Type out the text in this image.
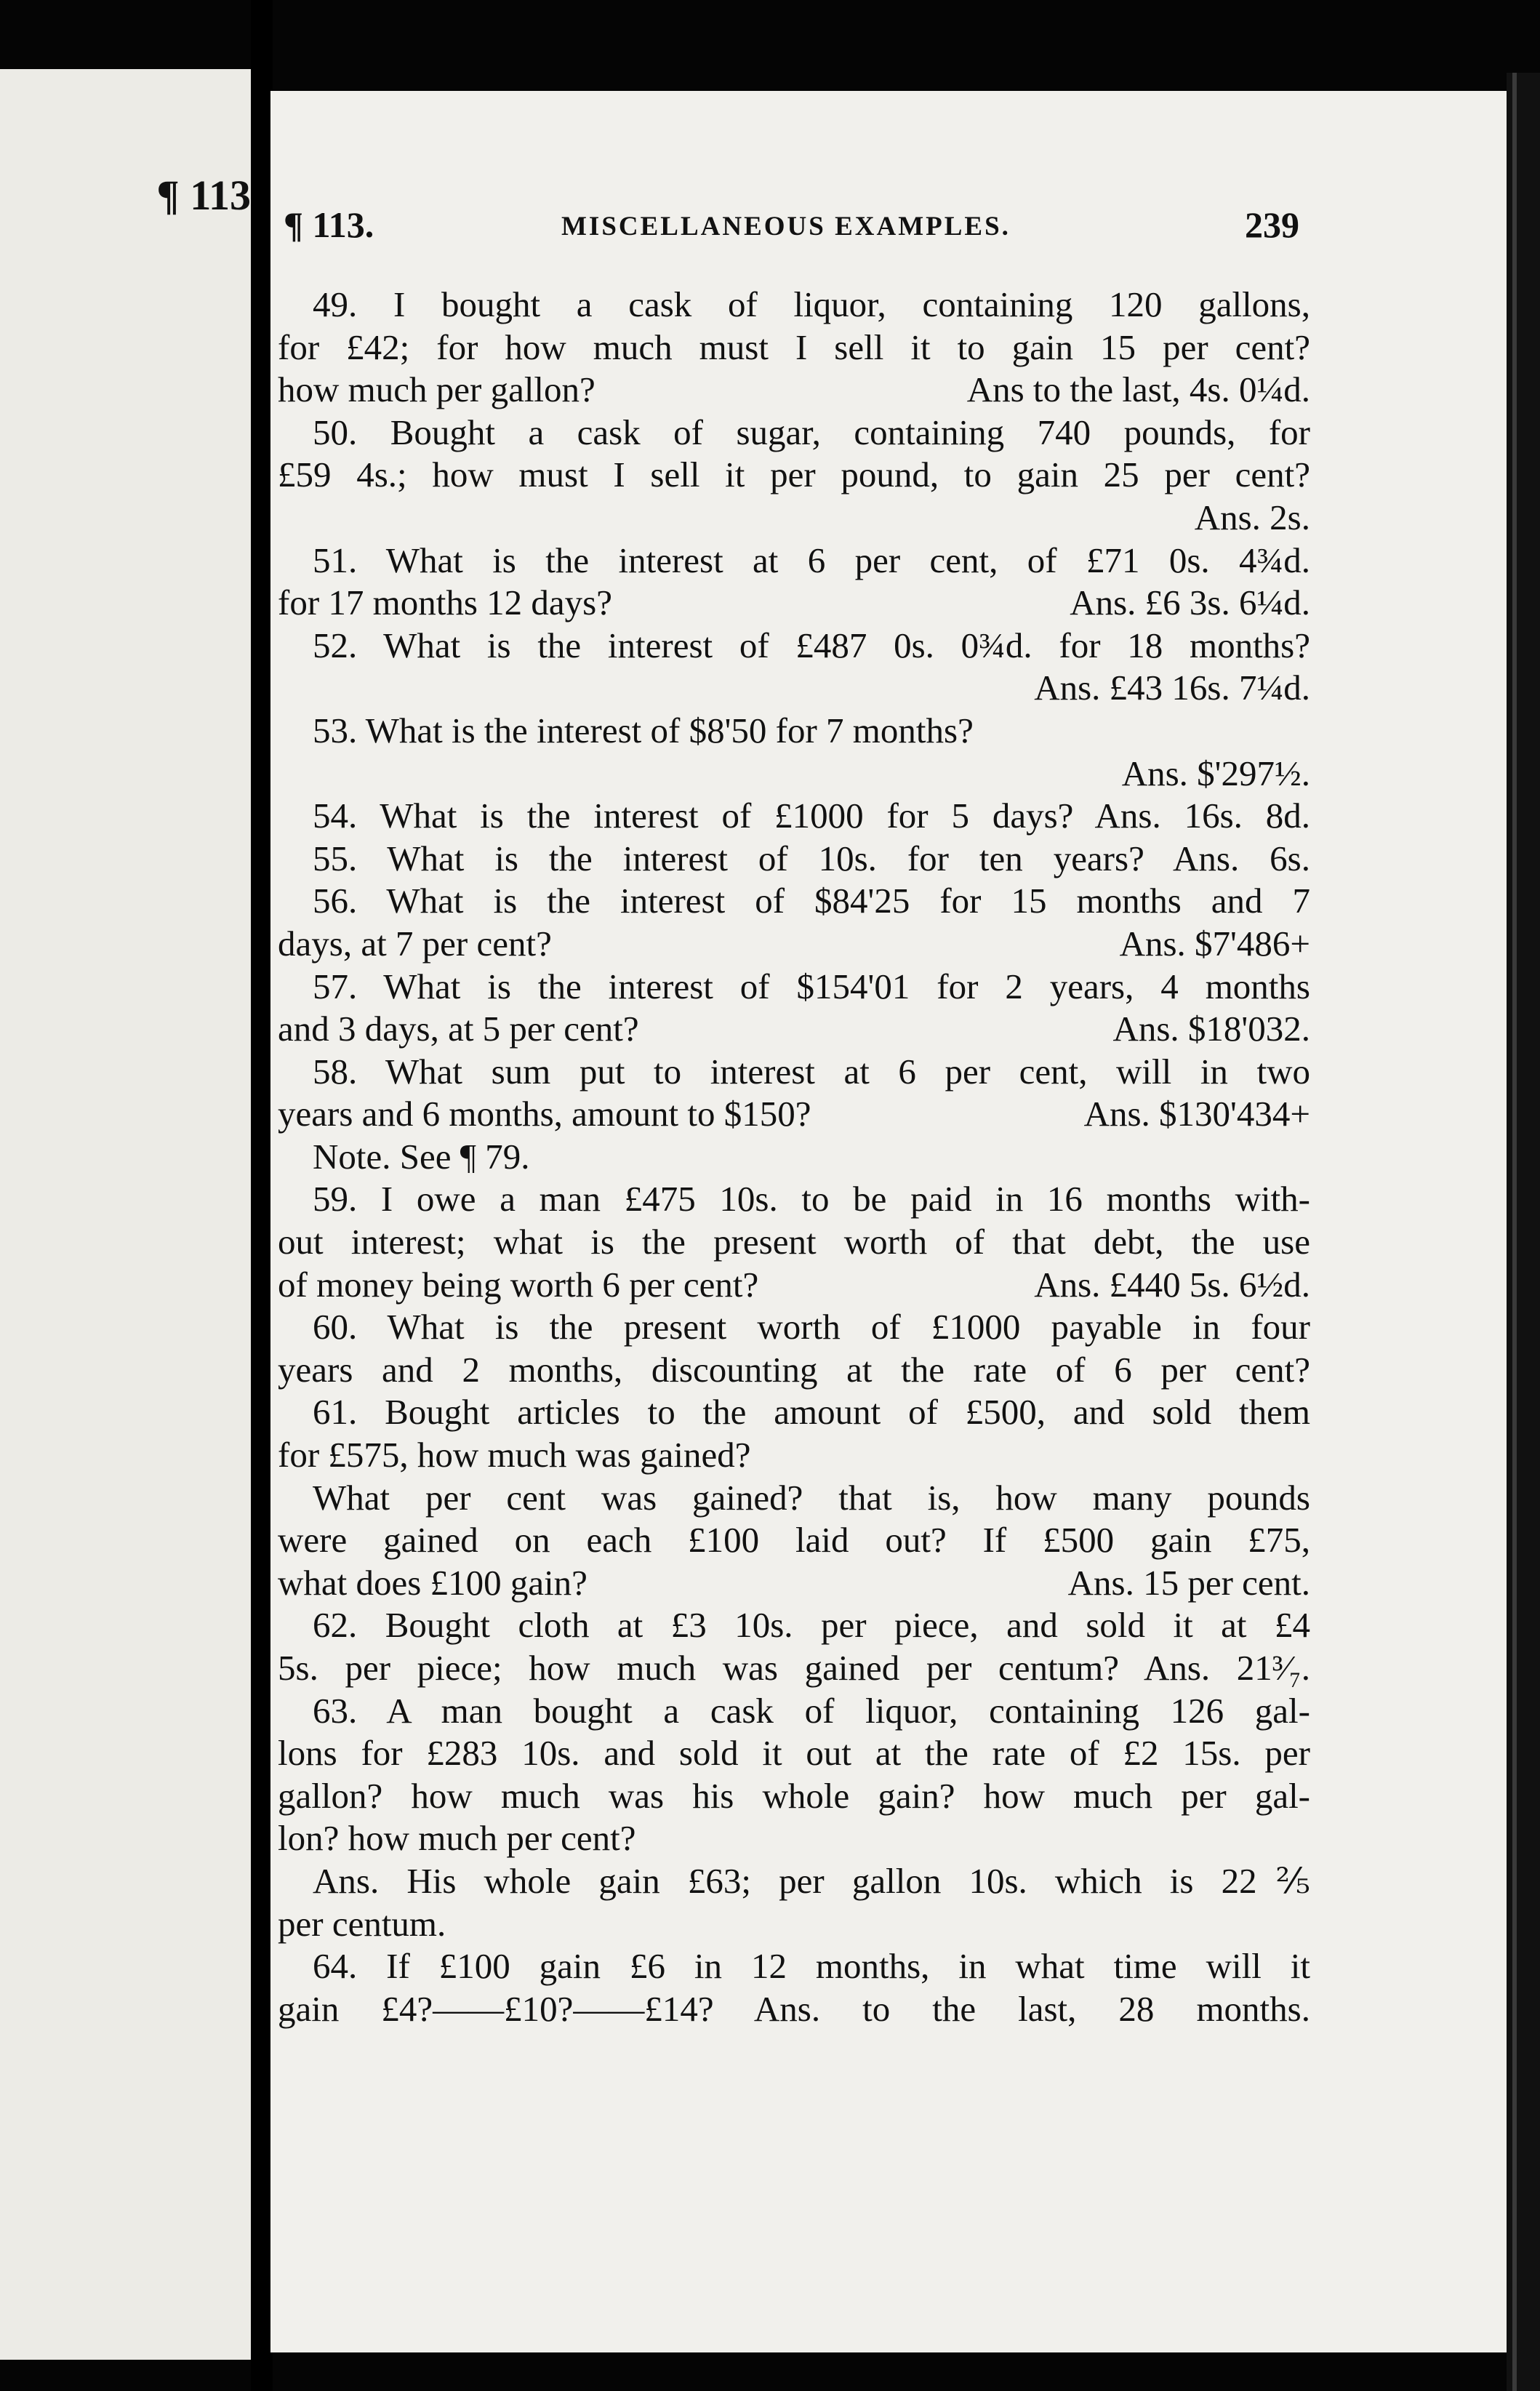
¶ 113
¶ 113.	MISCELLANEOUS EXAMPLES.	239
49. I bought a cask of liquor, containing 120 gallons,
for £42; for how much must I sell it to gain 15 per cent?
how much per gallon?	Ans to the last, 4s. 0¼d.
50. Bought a cask of sugar, containing 740 pounds, for
£59 4s.; how must I sell it per pound, to gain 25 per cent?
Ans. 2s.
51. What is the interest at 6 per cent, of £71 0s. 4¾d.
for 17 months 12 days?	Ans. £6 3s. 6¼d.
52. What is the interest of £487 0s. 0¾d. for 18 months?
Ans. £43 16s. 7¼d.
53. What is the interest of $8'50 for 7 months?
Ans. $'297½.
54. What is the interest of £1000 for 5 days? Ans. 16s. 8d.
55. What is the interest of 10s. for ten years? Ans. 6s.
56. What is the interest of $84'25 for 15 months and 7
days, at 7 per cent?	Ans. $7'486+
57. What is the interest of $154'01 for 2 years, 4 months
and 3 days, at 5 per cent?	Ans. $18'032.
58. What sum put to interest at 6 per cent, will in two
years and 6 months, amount to $150?	Ans. $130'434+
Note. See ¶ 79.
59. I owe a man £475 10s. to be paid in 16 months with-
out interest; what is the present worth of that debt, the use
of money being worth 6 per cent?	Ans. £440 5s. 6½d.
60. What is the present worth of £1000 payable in four
years and 2 months, discounting at the rate of 6 per cent?
61. Bought articles to the amount of £500, and sold them
for £575, how much was gained?
What per cent was gained? that is, how many pounds
were gained on each £100 laid out? If £500 gain £75,
what does £100 gain?	Ans. 15 per cent.
62. Bought cloth at £3 10s. per piece, and sold it at £4
5s. per piece; how much was gained per centum? Ans. 21³⁄₇.
63. A man bought a cask of liquor, containing 126 gal-
lons for £283 10s. and sold it out at the rate of £2 15s. per
gallon? how much was his whole gain? how much per gal-
lon? how much per cent?
Ans. His whole gain £63; per gallon 10s. which is 22⅖
per centum.
64. If £100 gain £6 in 12 months, in what time will it
gain £4?——£10?——£14? Ans. to the last, 28 months.
